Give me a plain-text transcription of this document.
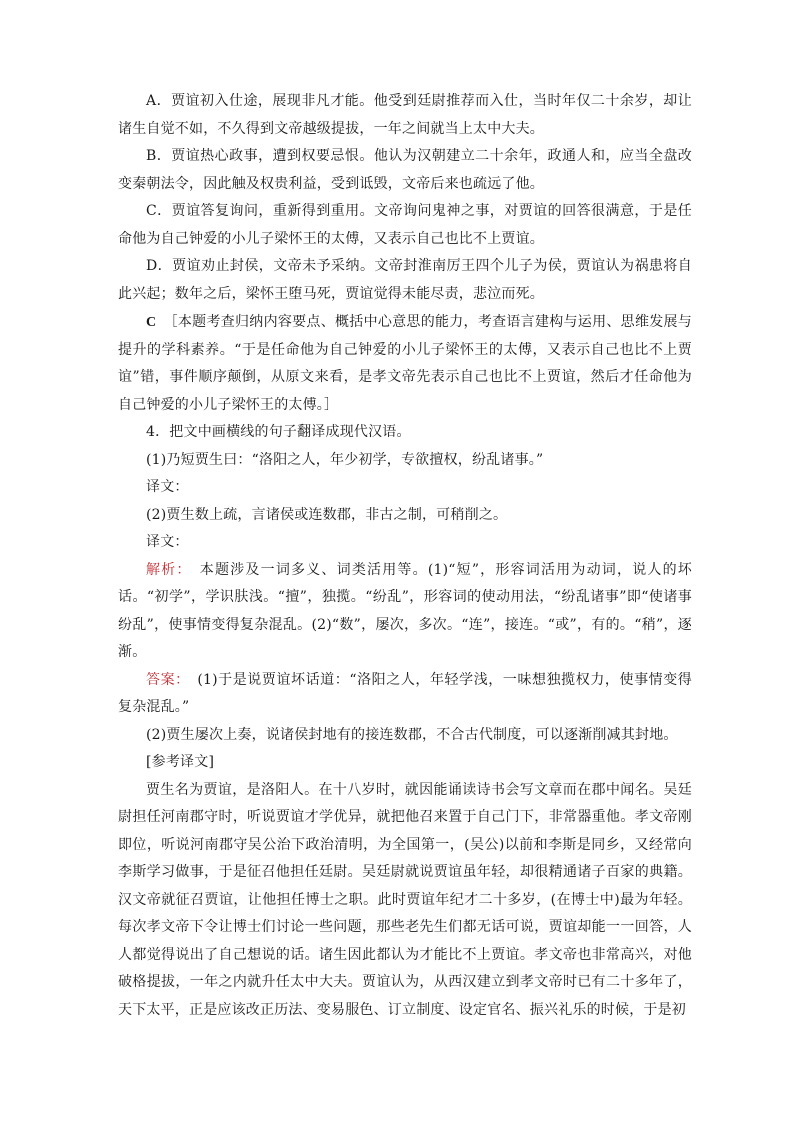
A．贾谊初入仕途，展现非凡才能。他受到廷尉推荐而入仕，当时年仅二十余岁，却让诸生自觉不如，不久得到文帝越级提拔，一年之间就当上太中大夫。

B．贾谊热心政事，遭到权要忌恨。他认为汉朝建立二十余年，政通人和，应当全盘改变秦朝法令，因此触及权贵利益，受到诋毁，文帝后来也疏远了他。

C．贾谊答复询问，重新得到重用。文帝询问鬼神之事，对贾谊的回答很满意，于是任命他为自己钟爱的小儿子梁怀王的太傅，又表示自己也比不上贾谊。

D．贾谊劝止封侯，文帝未予采纳。文帝封淮南厉王四个儿子为侯，贾谊认为祸患将自此兴起；数年之后，梁怀王堕马死，贾谊觉得未能尽责，悲泣而死。

C  ［本题考查归纳内容要点、概括中心意思的能力，考查语言建构与运用、思维发展与提升的学科素养。“于是任命他为自己钟爱的小儿子梁怀王的太傅，又表示自己也比不上贾谊”错，事件顺序颠倒，从原文来看，是孝文帝先表示自己也比不上贾谊，然后才任命他为自己钟爱的小儿子梁怀王的太傅。］

4．把文中画横线的句子翻译成现代汉语。

(1)乃短贾生曰：“洛阳之人，年少初学，专欲擅权，纷乱诸事。”

译文：

(2)贾生数上疏，言诸侯或连数郡，非古之制，可稍削之。

译文：

解析：　本题涉及一词多义、词类活用等。(1)“短”，形容词活用为动词，说人的坏话。“初学”，学识肤浅。“擅”，独揽。“纷乱”，形容词的使动用法，“纷乱诸事”即“使诸事纷乱”，使事情变得复杂混乱。(2)“数”，屡次，多次。“连”，接连。“或”，有的。“稍”，逐渐。

答案：　(1)于是说贾谊坏话道：“洛阳之人，年轻学浅，一味想独揽权力，使事情变得复杂混乱。”

(2)贾生屡次上奏，说诸侯封地有的接连数郡，不合古代制度，可以逐渐削减其封地。

[参考译文]

贾生名为贾谊，是洛阳人。在十八岁时，就因能诵读诗书会写文章而在郡中闻名。吴廷尉担任河南郡守时，听说贾谊才学优异，就把他召来置于自己门下，非常器重他。孝文帝刚即位，听说河南郡守吴公治下政治清明，为全国第一，(吴公)以前和李斯是同乡，又经常向李斯学习做事，于是征召他担任廷尉。吴廷尉就说贾谊虽年轻，却很精通诸子百家的典籍。汉文帝就征召贾谊，让他担任博士之职。此时贾谊年纪才二十多岁，(在博士中)最为年轻。每次孝文帝下令让博士们讨论一些问题，那些老先生们都无话可说，贾谊却能一一回答，人人都觉得说出了自己想说的话。诸生因此都认为才能比不上贾谊。孝文帝也非常高兴，对他破格提拔，一年之内就升任太中大夫。贾谊认为，从西汉建立到孝文帝时已有二十多年了，天下太平，正是应该改正历法、变易服色、订立制度、设定官名、振兴礼乐的时候，于是初
